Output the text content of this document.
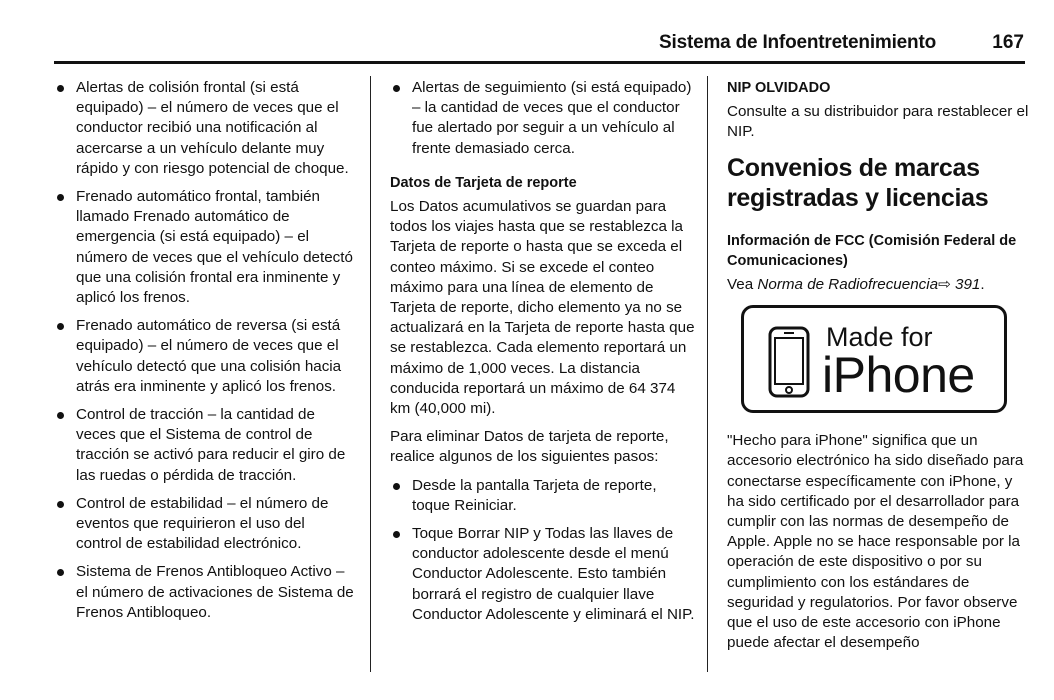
Sistema de Infoentretenimiento	167
Alertas de colisión frontal (si está equipado) – el número de veces que el conductor recibió una notificación al acercarse a un vehículo delante muy rápido y con riesgo potencial de choque.
Frenado automático frontal, también llamado Frenado automático de emergencia (si está equipado) – el número de veces que el vehículo detectó que una colisión frontal era inminente y aplicó los frenos.
Frenado automático de reversa (si está equipado) – el número de veces que el vehículo detectó que una colisión hacia atrás era inminente y aplicó los frenos.
Control de tracción – la cantidad de veces que el Sistema de control de tracción se activó para reducir el giro de las ruedas o pérdida de tracción.
Control de estabilidad – el número de eventos que requirieron el uso del control de estabilidad electrónico.
Sistema de Frenos Antibloqueo Activo – el número de activaciones de Sistema de Frenos Antibloqueo.
Alertas de seguimiento (si está equipado) – la cantidad de veces que el conductor fue alertado por seguir a un vehículo al frente demasiado cerca.
Datos de Tarjeta de reporte

Los Datos acumulativos se guardan para todos los viajes hasta que se restablezca la Tarjeta de reporte o hasta que se exceda el conteo máximo. Si se excede el conteo máximo para una línea de elemento de Tarjeta de reporte, dicho elemento ya no se actualizará en la Tarjeta de reporte hasta que se restablezca. Cada elemento reportará un máximo de 1,000 veces. La distancia conducida reportará un máximo de 64 374 km (40,000 mi).

Para eliminar Datos de tarjeta de reporte, realice algunos de los siguientes pasos:

Desde la pantalla Tarjeta de reporte, toque Reiniciar.
Toque Borrar NIP y Todas las llaves de conductor adolescente desde el menú Conductor Adolescente. Esto también borrará el registro de cualquier llave Conductor Adolescente y eliminará el NIP.
NIP OLVIDADO

Consulte a su distribuidor para restablecer el NIP.

Convenios de marcas registradas y licencias
Información de FCC (Comisión Federal de Comunicaciones)

Vea Norma de Radiofrecuencia⇨ 391.

Made for
iPhone

"Hecho para iPhone" significa que un accesorio electrónico ha sido diseñado para conectarse específicamente con iPhone, y ha sido certificado por el desarrollador para cumplir con las normas de desempeño de Apple. Apple no se hace responsable por la operación de este dispositivo o por su cumplimiento con los estándares de seguridad y regulatorios. Por favor observe que el uso de este accesorio con iPhone puede afectar el desempeño
